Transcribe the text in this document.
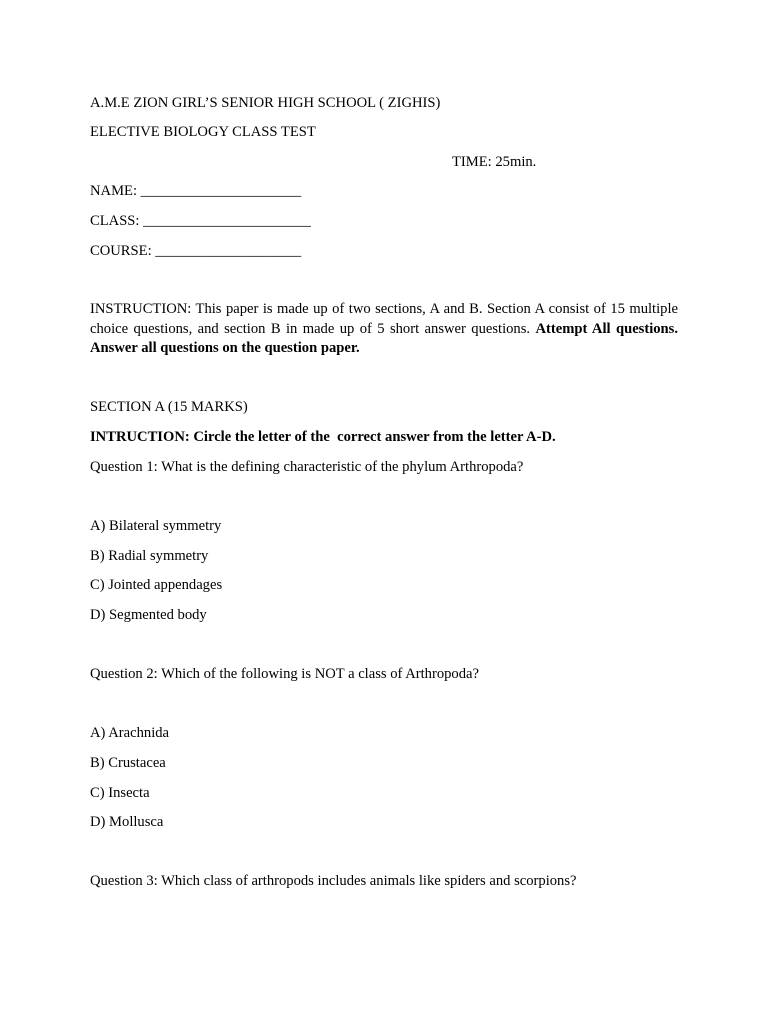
A.M.E ZION GIRL’S SENIOR HIGH SCHOOL ( ZIGHIS)
ELECTIVE BIOLOGY CLASS TEST
TIME: 25min.
NAME: ______________________
CLASS: _______________________
COURSE: ____________________
INSTRUCTION: This paper is made up of two sections, A and B. Section A consist of 15 multiple choice questions, and section B in made up of 5 short answer questions. Attempt All questions. Answer all questions on the question paper.
SECTION A (15 MARKS)
INTRUCTION: Circle the letter of the  correct answer from the letter A-D.
Question 1: What is the defining characteristic of the phylum Arthropoda?
A) Bilateral symmetry
B) Radial symmetry
C) Jointed appendages
D) Segmented body
Question 2: Which of the following is NOT a class of Arthropoda?
A) Arachnida
B) Crustacea
C) Insecta
D) Mollusca
Question 3: Which class of arthropods includes animals like spiders and scorpions?
